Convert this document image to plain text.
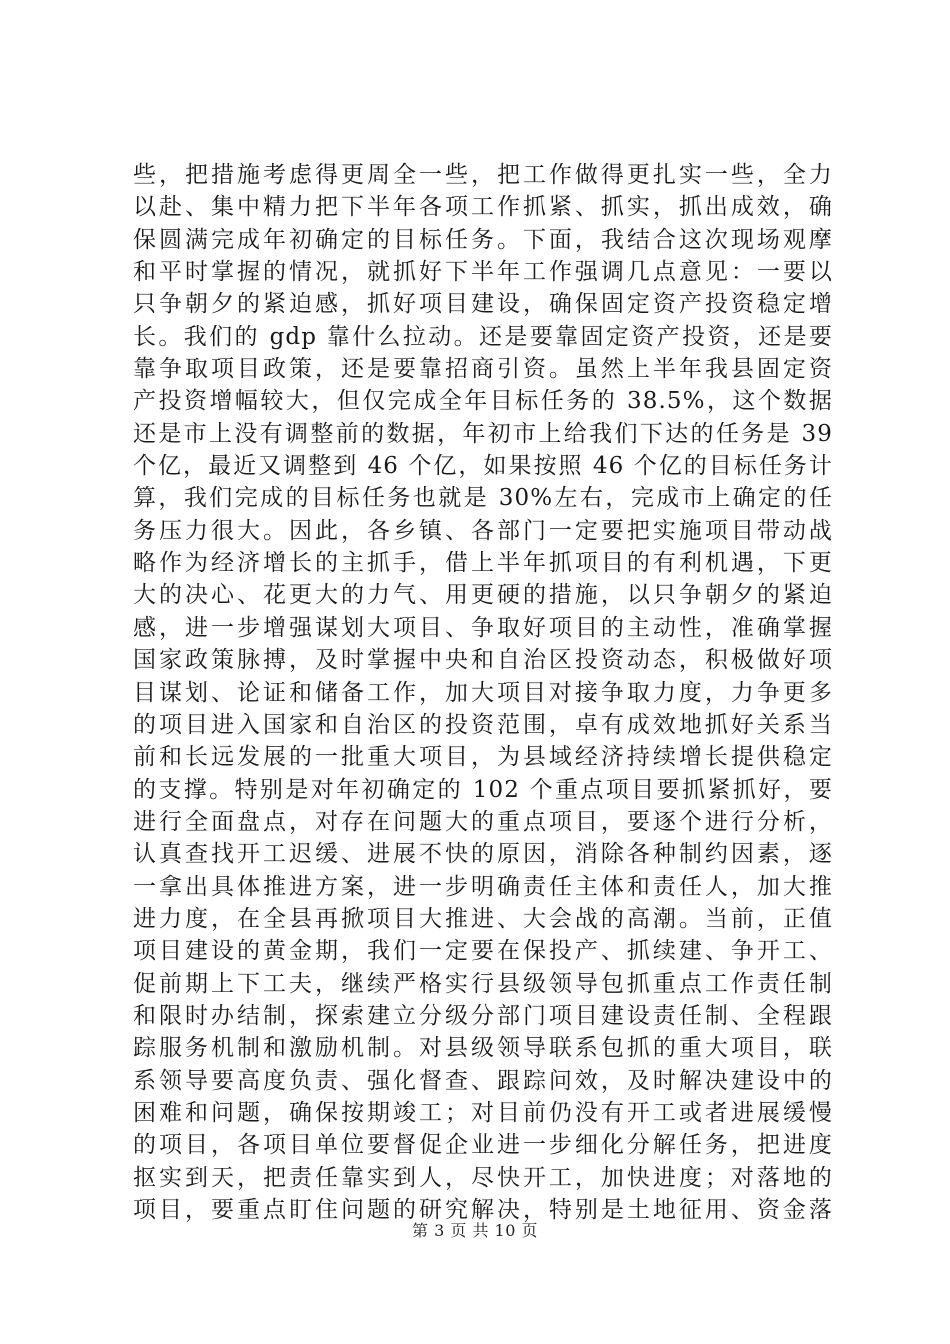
些，把措施考虑得更周全一些，把工作做得更扎实一些，全力
以赴、集中精力把下半年各项工作抓紧、抓实，抓出成效，确
保圆满完成年初确定的目标任务。下面，我结合这次现场观摩
和平时掌握的情况，就抓好下半年工作强调几点意见：一要以
只争朝夕的紧迫感，抓好项目建设，确保固定资产投资稳定增
长。我们的 gdp 靠什么拉动。还是要靠固定资产投资，还是要
靠争取项目政策，还是要靠招商引资。虽然上半年我县固定资
产投资增幅较大，但仅完成全年目标任务的 38.5%，这个数据
还是市上没有调整前的数据，年初市上给我们下达的任务是 39
个亿，最近又调整到 46 个亿，如果按照 46 个亿的目标任务计
算，我们完成的目标任务也就是 30%左右，完成市上确定的任
务压力很大。因此，各乡镇、各部门一定要把实施项目带动战
略作为经济增长的主抓手，借上半年抓项目的有利机遇，下更
大的决心、花更大的力气、用更硬的措施，以只争朝夕的紧迫
感，进一步增强谋划大项目、争取好项目的主动性，准确掌握
国家政策脉搏，及时掌握中央和自治区投资动态，积极做好项
目谋划、论证和储备工作，加大项目对接争取力度，力争更多
的项目进入国家和自治区的投资范围，卓有成效地抓好关系当
前和长远发展的一批重大项目，为县域经济持续增长提供稳定
的支撑。特别是对年初确定的 102 个重点项目要抓紧抓好，要
进行全面盘点，对存在问题大的重点项目，要逐个进行分析，
认真查找开工迟缓、进展不快的原因，消除各种制约因素，逐
一拿出具体推进方案，进一步明确责任主体和责任人，加大推
进力度，在全县再掀项目大推进、大会战的高潮。当前，正值
项目建设的黄金期，我们一定要在保投产、抓续建、争开工、
促前期上下工夫，继续严格实行县级领导包抓重点工作责任制
和限时办结制，探索建立分级分部门项目建设责任制、全程跟
踪服务机制和激励机制。对县级领导联系包抓的重大项目，联
系领导要高度负责、强化督查、跟踪问效，及时解决建设中的
困难和问题，确保按期竣工；对目前仍没有开工或者进展缓慢
的项目，各项目单位要督促企业进一步细化分解任务，把进度
抠实到天，把责任靠实到人，尽快开工，加快进度；对落地的
项目，要重点盯住问题的研究解决，特别是土地征用、资金落
第 3 页 共 10 页
